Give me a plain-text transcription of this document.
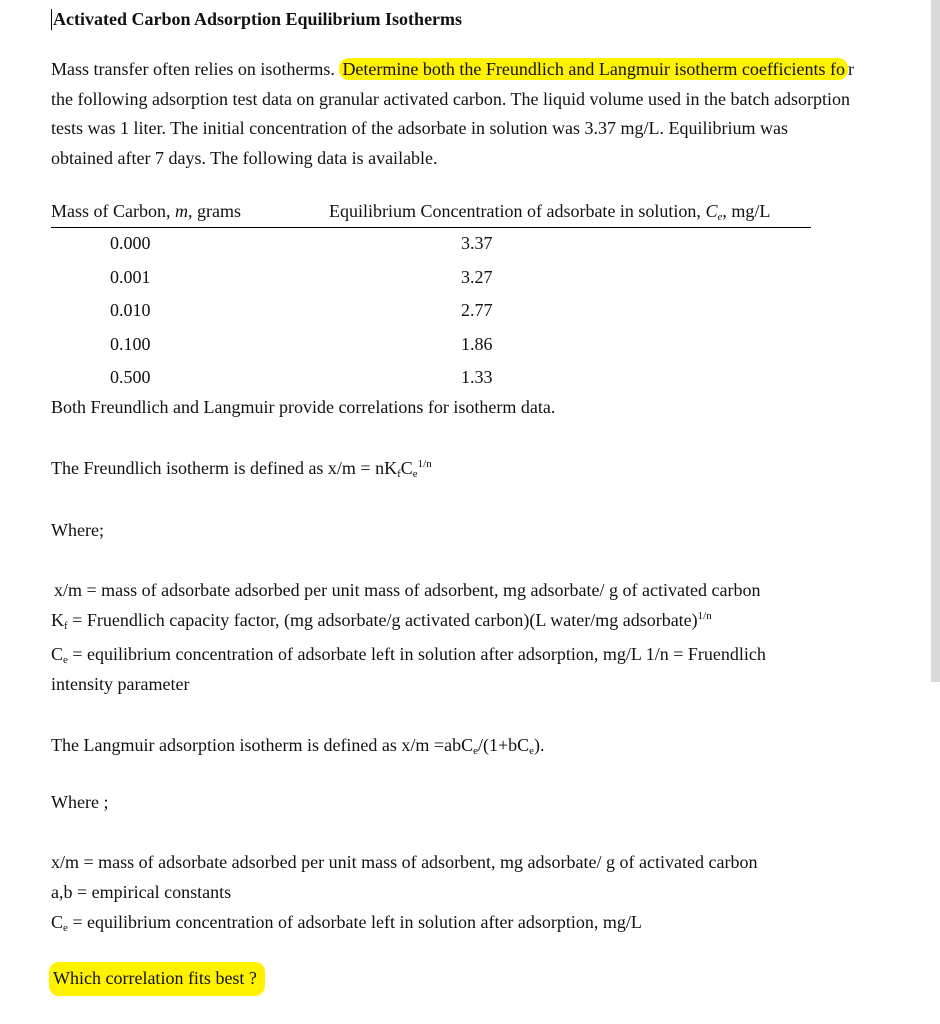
Activated Carbon Adsorption Equilibrium Isotherms
Mass transfer often relies on isotherms. Determine both the Freundlich and Langmuir isotherm coefficients fo r
the following adsorption test data on granular activated carbon. The liquid volume used in the batch adsorption
tests was 1 liter. The initial concentration of the adsorbate in solution was 3.37 mg/L. Equilibrium was
obtained after 7 days. The following data is available.
Mass of Carbon, m, grams	Equilibrium Concentration of adsorbate in solution, $C_e$, mg/L
0.000	3.37
0.001	3.27
0.010	2.77
0.100	1.86
0.500	1.33
Both Freundlich and Langmuir provide correlations for isotherm data.
The Freundlich isotherm is defined as $x/m = nK_fC_e^{1/n}$
Where;
x/m = mass of adsorbate adsorbed per unit mass of adsorbent, mg adsorbate/ g of activated carbon
$K_f$ = Fruendlich capacity factor, (mg adsorbate/g activated carbon)(L water/mg adsorbate)$^{1/n}$
$C_e$ = equilibrium concentration of adsorbate left in solution after adsorption, mg/L 1/n = Fruendlich
intensity parameter
The Langmuir adsorption isotherm is defined as $x/m =abC_e/(1+bC_e)$.
Where ;
x/m = mass of adsorbate adsorbed per unit mass of adsorbent, mg adsorbate/ g of activated carbon
a,b = empirical constants
$C_e$ = equilibrium concentration of adsorbate left in solution after adsorption, mg/L
Which correlation fits best ?
